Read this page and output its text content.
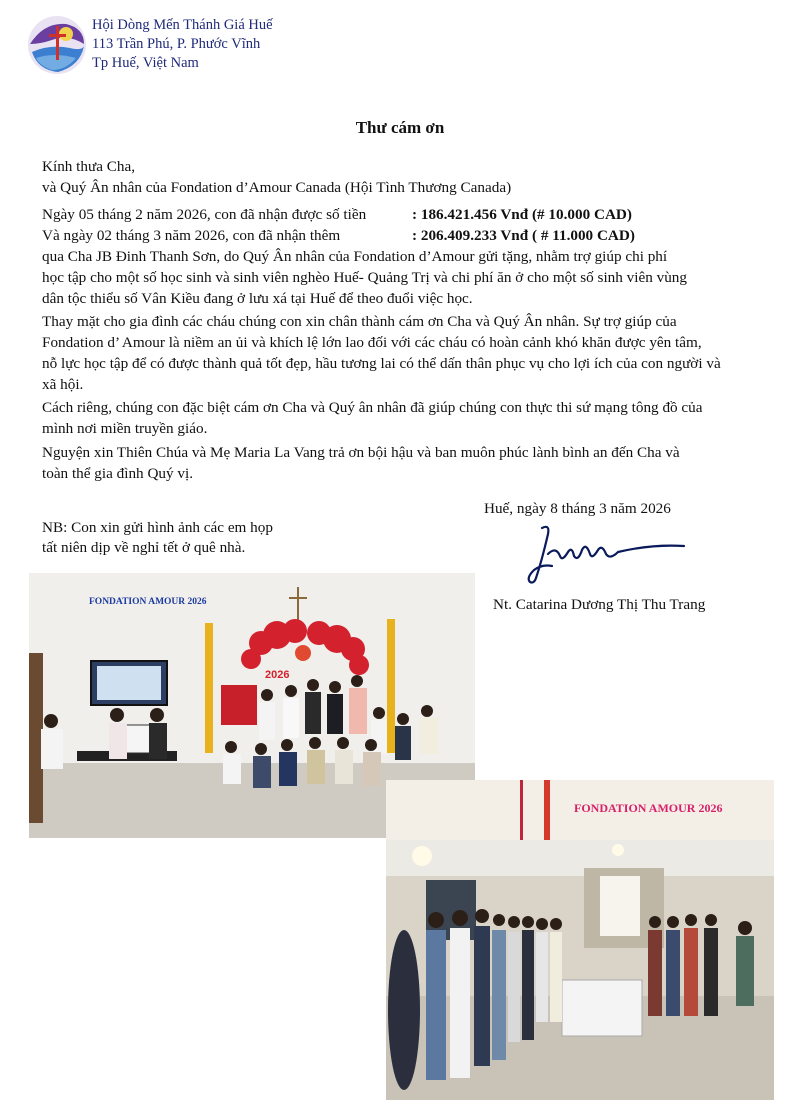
Hội Dòng Mến Thánh Giá Huế
113 Trần Phú, P. Phước Vĩnh
Tp Huế, Việt Nam
Thư cám ơn
Kính thưa Cha,
và Quý Ân nhân của Fondation d’Amour Canada (Hội Tình Thương Canada)
Ngày 05 tháng 2 năm 2026, con đã nhận được số tiền	: 186.421.456 Vnđ (# 10.000 CAD)
Và ngày 02 tháng 3 năm 2026, con đã nhận thêm	: 206.409.233 Vnđ ( # 11.000 CAD)
qua Cha JB Đinh Thanh Sơn, do Quý Ân nhân của Fondation d’Amour gửi tặng, nhằm trợ giúp chi phí
học tập cho một số học sinh và sinh viên nghèo Huế- Quảng Trị và chi phí ăn ở cho một số sinh viên vùng
dân tộc thiểu số Vân Kiều đang ở lưu xá tại Huế để theo đuổi việc học.
Thay mặt cho gia đình các cháu chúng con xin chân thành cám ơn Cha và Quý Ân nhân. Sự trợ giúp của
Fondation d’ Amour là niềm an ủi và khích lệ lớn lao đối với các cháu có hoàn cảnh khó khăn được yên tâm,
nỗ lực học tập để có được thành quả tốt đẹp, hầu tương lai có thể dấn thân phục vụ cho lợi ích của con người và
xã hội.
Cách riêng, chúng con đặc biệt cám ơn Cha và Quý ân nhân đã giúp chúng con thực thi sứ mạng tông đồ của
mình nơi miền truyền giáo.
Nguyện xin Thiên Chúa và Mẹ Maria La Vang trả ơn bội hậu và ban muôn phúc lành bình an đến Cha và
toàn thể gia đình Quý vị.
Huế, ngày 8 tháng 3 năm 2026
NB: Con xin gửi hình ảnh các em họp
tất niên dịp về nghỉ tết ở quê nhà.
Nt. Catarina Dương Thị Thu Trang
2026
FONDATION AMOUR 2026
FONDATION AMOUR 2026
